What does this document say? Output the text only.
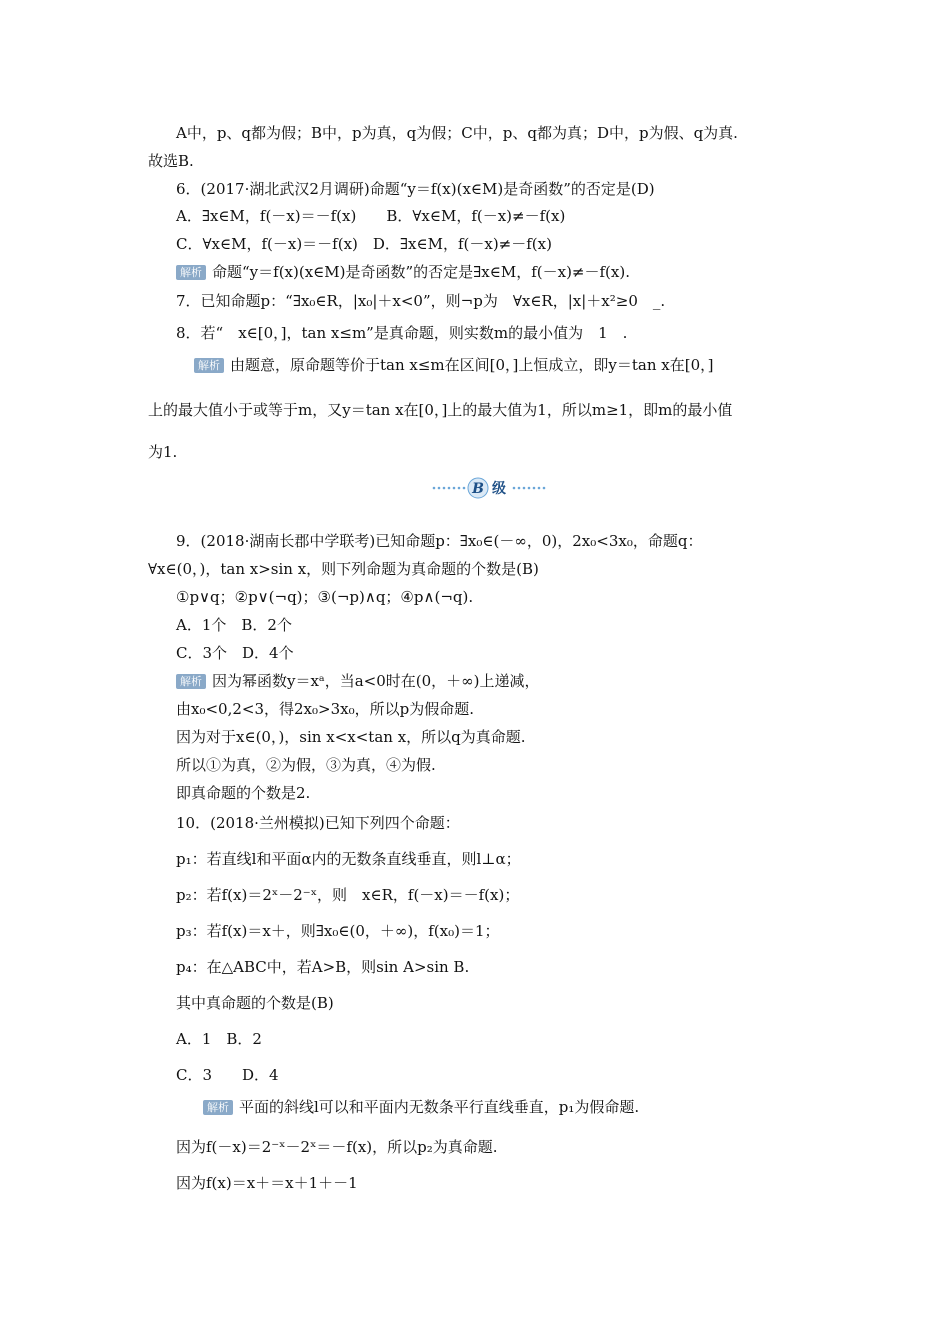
A中，p、q都为假；B中，p为真，q为假；C中，p、q都为真；D中，p为假、q为真.
故选B.
6．(2017·湖北武汉2月调研)命题“y＝f(x)(x∈M)是奇函数”的否定是(D)
A．∃x∈M，f(－x)＝－f(x)　　B．∀x∈M，f(－x)≠－f(x)
C．∀x∈M，f(－x)＝－f(x)　D．∃x∈M，f(－x)≠－f(x)
解析 命题“y＝f(x)(x∈M)是奇函数”的否定是∃x∈M，f(－x)≠－f(x).
7．已知命题p：“∃x₀∈R，|x₀|＋x<0”，则¬p为　∀x∈R，|x|＋x²≥0　_.
8．若“　x∈[0，]，tan x≤m”是真命题，则实数m的最小值为　1　.
解析 由题意，原命题等价于tan x≤m在区间[0，]上恒成立，即y＝tan x在[0，]
上的最大值小于或等于m，又y＝tan x在[0，]上的最大值为1，所以m≥1，即m的最小值
为1.
9．(2018·湖南长郡中学联考)已知命题p：∃x₀∈(－∞，0)，2x₀<3x₀，命题q：
∀x∈(0，)，tan x>sin x，则下列命题为真命题的个数是(B)
①p∨q；②p∨(¬q)；③(¬p)∧q；④p∧(¬q).
A．1个　B．2个
C．3个　D．4个
解析 因为幂函数y＝xᵃ，当a<0时在(0，＋∞)上递减，
由x₀<0,2<3，得2x₀>3x₀，所以p为假命题.
因为对于x∈(0，)，sin x<x<tan x，所以q为真命题.
所以①为真，②为假，③为真，④为假.
即真命题的个数是2.
10．(2018·兰州模拟)已知下列四个命题：
p₁：若直线l和平面α内的无数条直线垂直，则l⊥α；
p₂：若f(x)＝2ˣ－2⁻ˣ，则　x∈R，f(－x)＝－f(x)；
p₃：若f(x)＝x＋，则∃x₀∈(0，＋∞)，f(x₀)＝1；
p₄：在△ABC中，若A>B，则sin A>sin B.
其中真命题的个数是(B)
A．1　B．2
C．3　　D．4
解析 平面的斜线l可以和平面内无数条平行直线垂直，p₁为假命题.
因为f(－x)＝2⁻ˣ－2ˣ＝－f(x)，所以p₂为真命题.
因为f(x)＝x＋＝x＋1＋－1
B 级
